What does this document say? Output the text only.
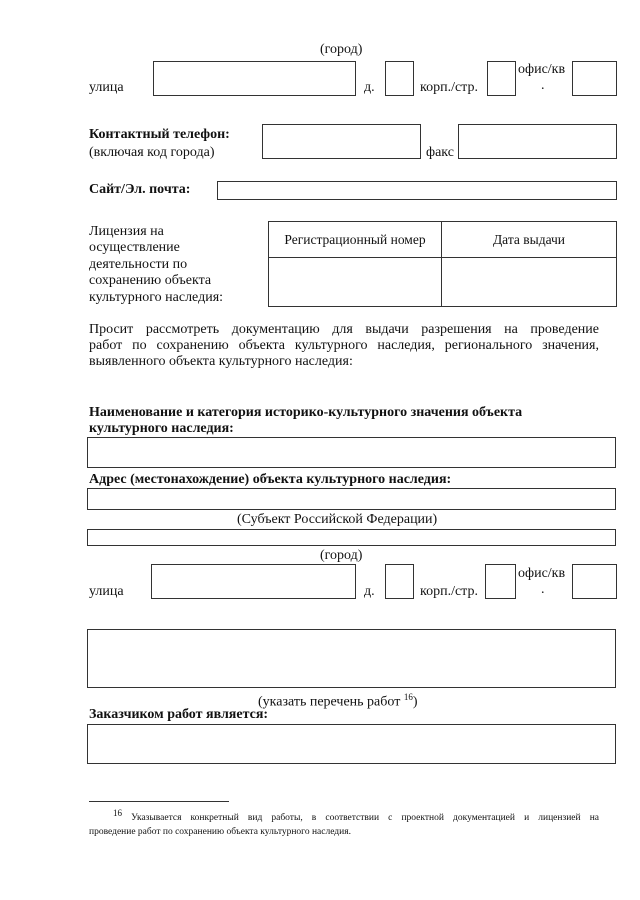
(город)
улица	д.	корп./стр.
офис/кв
.
Контактный телефон:
(включая код города)	факс
Сайт/Эл. почта:
Лицензия на
осуществление
деятельности по
сохранению объекта
культурного наследия:
Регистрационный номер	Дата выдачи

Просит рассмотреть документацию для выдачи разрешения на проведение
работ по сохранению объекта культурного наследия, регионального значения,
выявленного объекта культурного наследия:
Наименование и категория историко-культурного значения объекта
культурного наследия:
Адрес (местонахождение) объекта культурного наследия:
(Субъект Российской Федерации)
(город)
улица	д.	корп./стр.
офис/кв
.
(указать перечень работ $^{16}$)
Заказчиком работ является:
$^{16}$ Указывается конкретный вид работы, в соответствии с проектной документацией и лицензией на
проведение работ по сохранению объекта культурного наследия.
